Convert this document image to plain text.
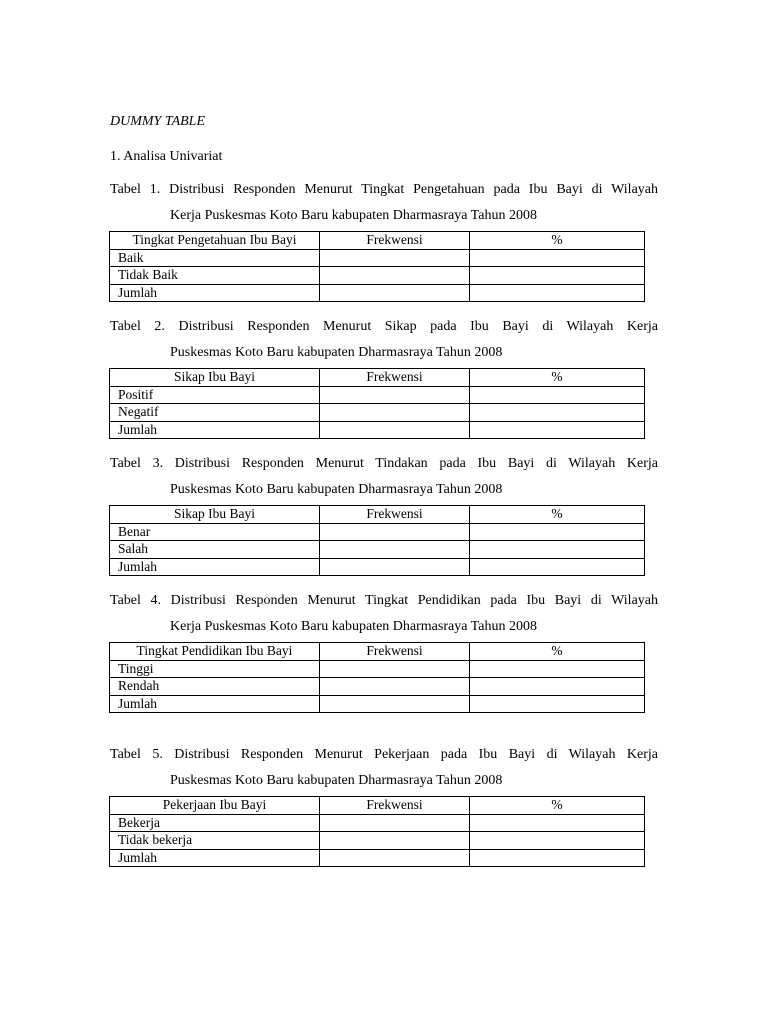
DUMMY TABLE
1. Analisa Univariat
Tabel 1. Distribusi Responden Menurut Tingkat Pengetahuan pada Ibu Bayi di Wilayah
Kerja Puskesmas Koto Baru kabupaten Dharmasraya Tahun 2008
Tingkat Pengetahuan Ibu Bayi	Frekwensi	%
Baik		
Tidak Baik		
Jumlah		
Tabel 2. Distribusi Responden Menurut Sikap pada Ibu Bayi di Wilayah Kerja
Puskesmas Koto Baru kabupaten Dharmasraya Tahun 2008
Sikap Ibu Bayi	Frekwensi	%
Positif		
Negatif		
Jumlah		
Tabel 3. Distribusi Responden Menurut Tindakan pada Ibu Bayi di Wilayah Kerja
Puskesmas Koto Baru kabupaten Dharmasraya Tahun 2008
Sikap Ibu Bayi	Frekwensi	%
Benar		
Salah		
Jumlah		
Tabel 4. Distribusi Responden Menurut Tingkat Pendidikan pada Ibu Bayi di Wilayah
Kerja Puskesmas Koto Baru kabupaten Dharmasraya Tahun 2008
Tingkat Pendidikan Ibu Bayi	Frekwensi	%
Tinggi		
Rendah		
Jumlah		
Tabel 5. Distribusi Responden Menurut Pekerjaan pada Ibu Bayi di Wilayah Kerja
Puskesmas Koto Baru kabupaten Dharmasraya Tahun 2008
Pekerjaan Ibu Bayi	Frekwensi	%
Bekerja		
Tidak bekerja		
Jumlah		
